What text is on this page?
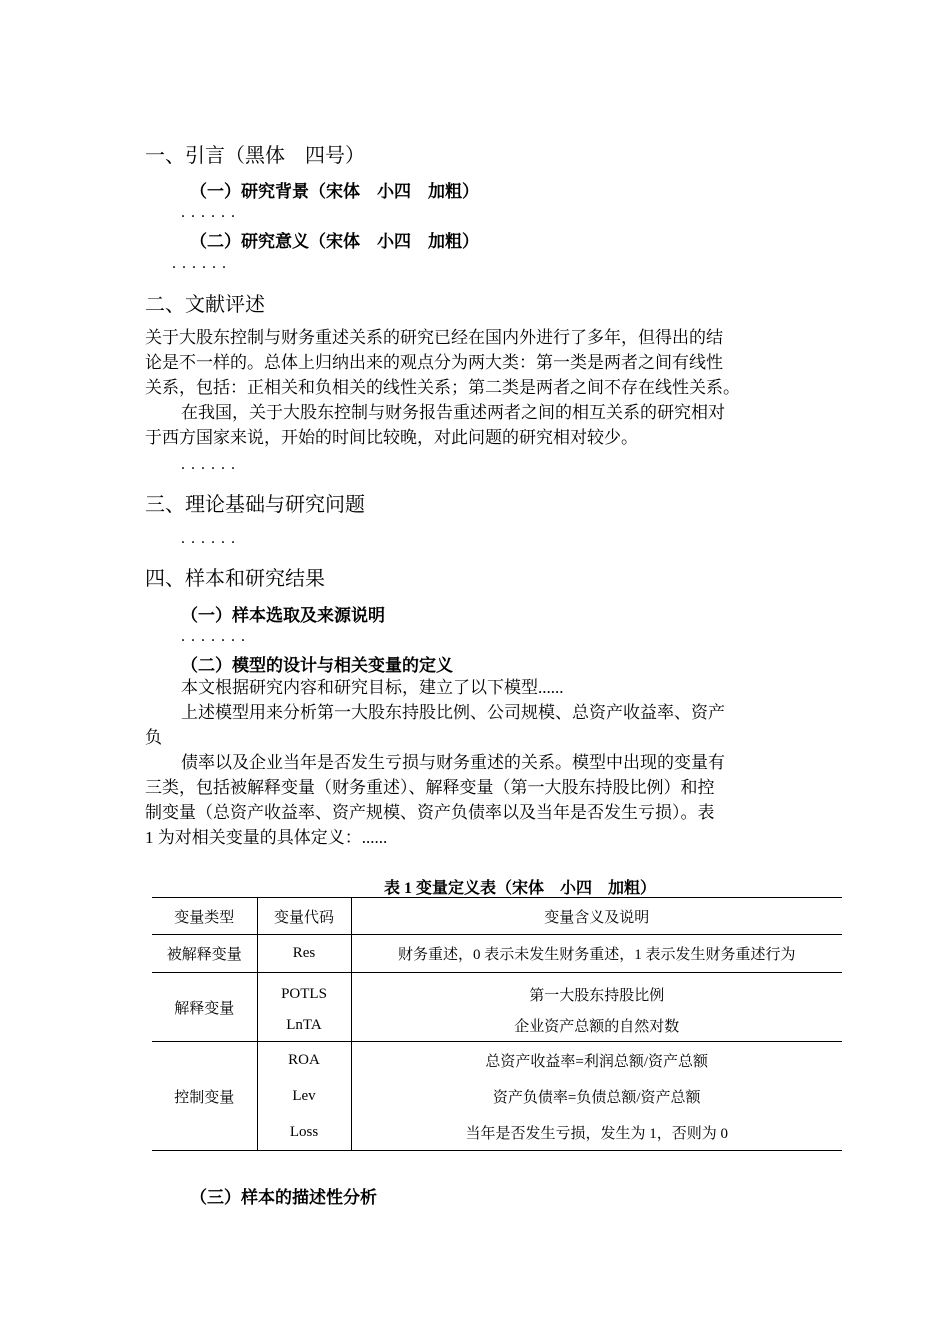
一、引言（黑体　四号）
（一）研究背景（宋体　小四　加粗）
......
（二）研究意义（宋体　小四　加粗）
......
二、文献评述
关于大股东控制与财务重述关系的研究已经在国内外进行了多年，但得出的结
论是不一样的。总体上归纳出来的观点分为两大类：第一类是两者之间有线性
关系，包括：正相关和负相关的线性关系；第二类是两者之间不存在线性关系。
在我国，关于大股东控制与财务报告重述两者之间的相互关系的研究相对
于西方国家来说，开始的时间比较晚，对此问题的研究相对较少。
......
三、理论基础与研究问题
......
四、样本和研究结果
（一）样本选取及来源说明
.......
（二）模型的设计与相关变量的定义
本文根据研究内容和研究目标，建立了以下模型......
上述模型用来分析第一大股东持股比例、公司规模、总资产收益率、资产
负
债率以及企业当年是否发生亏损与财务重述的关系。模型中出现的变量有
三类，包括被解释变量（财务重述）、解释变量（第一大股东持股比例）和控
制变量（总资产收益率、资产规模、资产负债率以及当年是否发生亏损）。表
1 为对相关变量的具体定义：......
表 1 变量定义表（宋体　小四　加粗）
变量类型	变量代码	变量含义及说明
被解释变量	Res	财务重述，0 表示未发生财务重述，1 表示发生财务重述行为
解释变量	POTLS	第一大股东持股比例
	LnTA	企业资产总额的自然对数
控制变量	ROA	总资产收益率=利润总额/资产总额
	Lev	资产负债率=负债总额/资产总额
	Loss	当年是否发生亏损，发生为 1，否则为 0
（三）样本的描述性分析
